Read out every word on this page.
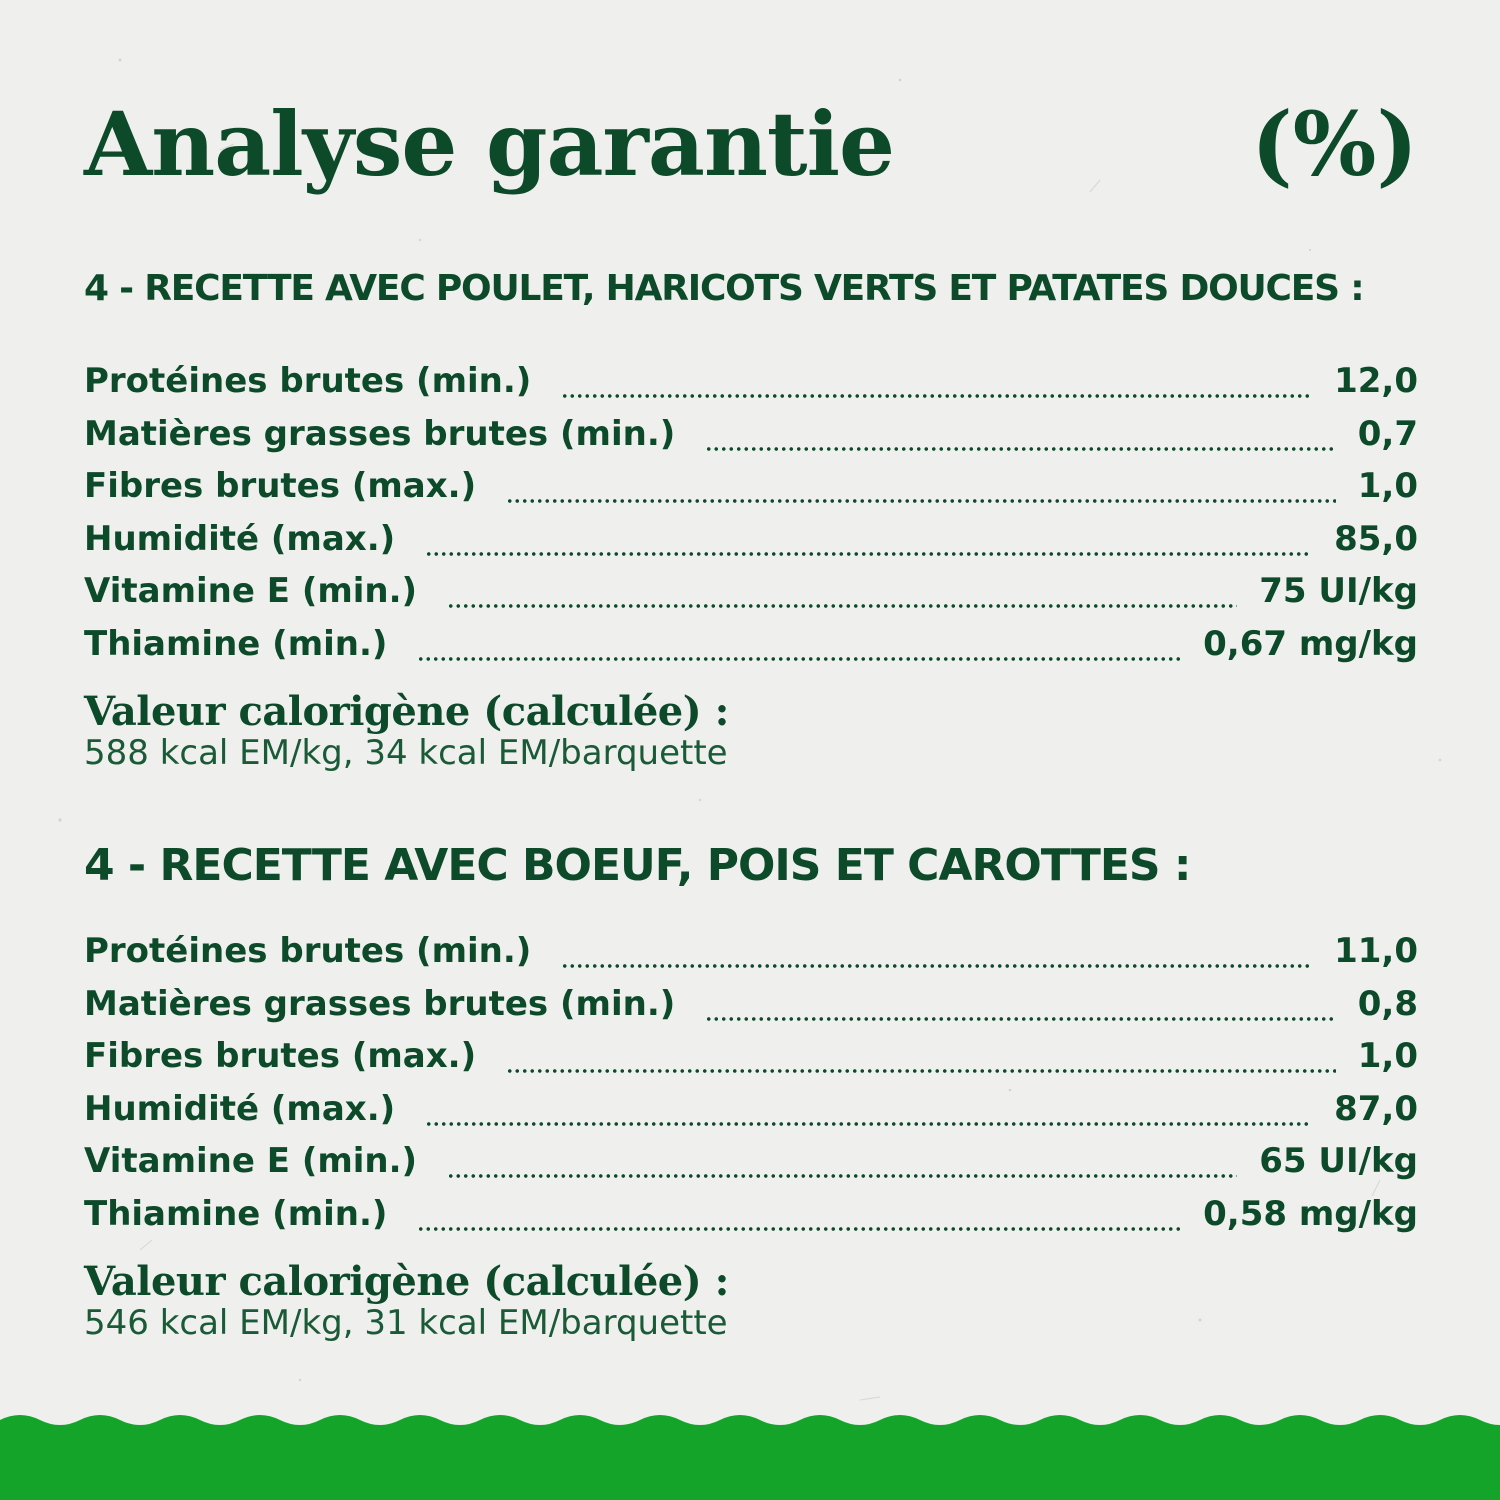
Analyse garantie	(%)
4 - RECETTE AVEC POULET, HARICOTS VERTS ET PATATES DOUCES :
Protéines brutes (min.)	12,0
Matières grasses brutes (min.)	0,7
Fibres brutes (max.)	1,0
Humidité (max.)	85,0
Vitamine E (min.)	75 UI/kg
Thiamine (min.)	0,67 mg/kg
Valeur calorigène (calculée) :
588 kcal EM/kg, 34 kcal EM/barquette
4 - RECETTE AVEC BOEUF, POIS ET CAROTTES :
Protéines brutes (min.)	11,0
Matières grasses brutes (min.)	0,8
Fibres brutes (max.)	1,0
Humidité (max.)	87,0
Vitamine E (min.)	65 UI/kg
Thiamine (min.)	0,58 mg/kg
Valeur calorigène (calculée) :
546 kcal EM/kg, 31 kcal EM/barquette
